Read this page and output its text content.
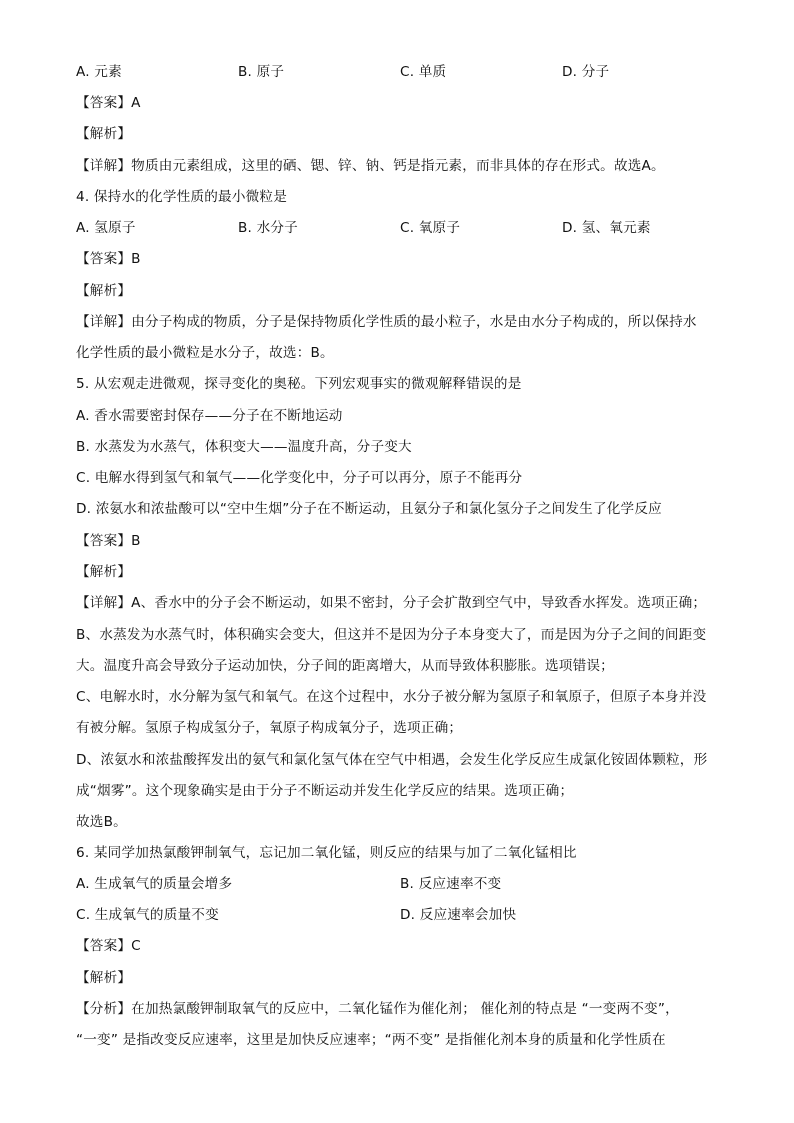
A. 元素	B. 原子	C. 单质	D. 分子
【答案】A
【解析】
【详解】物质由元素组成，这里的硒、锶、锌、钠、钙是指元素，而非具体的存在形式。故选A。
4. 保持水的化学性质的最小微粒是
A. 氢原子	B. 水分子	C. 氧原子	D. 氢、氧元素
【答案】B
【解析】
【详解】由分子构成的物质，分子是保持物质化学性质的最小粒子，水是由水分子构成的，所以保持水
化学性质的最小微粒是水分子，故选：B。
5. 从宏观走进微观，探寻变化的奥秘。下列宏观事实的微观解释错误的是
A. 香水需要密封保存——分子在不断地运动
B. 水蒸发为水蒸气，体积变大——温度升高，分子变大
C. 电解水得到氢气和氧气——化学变化中，分子可以再分，原子不能再分
D. 浓氨水和浓盐酸可以“空中生烟”分子在不断运动，且氨分子和氯化氢分子之间发生了化学反应
【答案】B
【解析】
【详解】A、香水中的分子会不断运动，如果不密封，分子会扩散到空气中，导致香水挥发。选项正确；
B、水蒸发为水蒸气时，体积确实会变大，但这并不是因为分子本身变大了，而是因为分子之间的间距变
大。温度升高会导致分子运动加快，分子间的距离增大，从而导致体积膨胀。选项错误；
C、电解水时，水分解为氢气和氧气。在这个过程中，水分子被分解为氢原子和氧原子，但原子本身并没
有被分解。氢原子构成氢分子，氧原子构成氧分子，选项正确；
D、浓氨水和浓盐酸挥发出的氨气和氯化氢气体在空气中相遇，会发生化学反应生成氯化铵固体颗粒，形
成“烟雾”。这个现象确实是由于分子不断运动并发生化学反应的结果。选项正确；
故选B。
6. 某同学加热氯酸钾制氧气，忘记加二氧化锰，则反应的结果与加了二氧化锰相比
A. 生成氧气的质量会增多	B. 反应速率不变
C. 生成氧气的质量不变	D. 反应速率会加快
【答案】C
【解析】
【分析】在加热氯酸钾制取氧气的反应中，二氧化锰作为催化剂； 催化剂的特点是 “一变两不变”，
“一变” 是指改变反应速率，这里是加快反应速率；“两不变” 是指催化剂本身的质量和化学性质在
